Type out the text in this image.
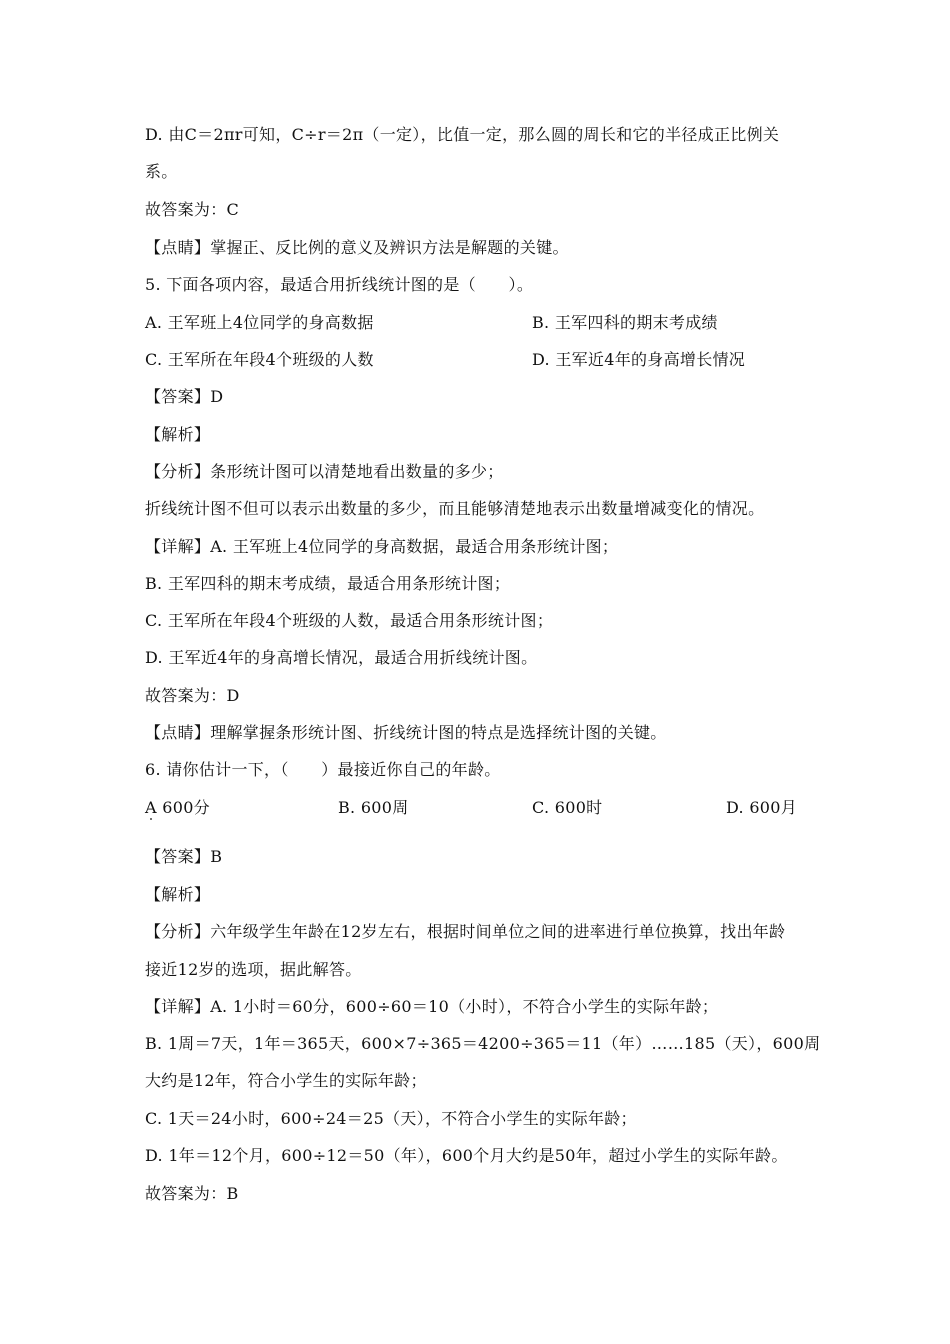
D. 由C＝2πr可知，C÷r＝2π（一定），比值一定，那么圆的周长和它的半径成正比例关
系。
故答案为：C
【点睛】掌握正、反比例的意义及辨识方法是解题的关键。
5. 下面各项内容，最适合用折线统计图的是（　　）。
A. 王军班上4位同学的身高数据	B. 王军四科的期末考成绩
C. 王军所在年段4个班级的人数	D. 王军近4年的身高增长情况
【答案】D
【解析】
【分析】条形统计图可以清楚地看出数量的多少；
折线统计图不但可以表示出数量的多少，而且能够清楚地表示出数量增减变化的情况。
【详解】A. 王军班上4位同学的身高数据，最适合用条形统计图；
B. 王军四科的期末考成绩，最适合用条形统计图；
C. 王军所在年段4个班级的人数，最适合用条形统计图；
D. 王军近4年的身高增长情况，最适合用折线统计图。
故答案为：D
【点睛】理解掌握条形统计图、折线统计图的特点是选择统计图的关键。
6. 请你估计一下，（　　）最接近你自己的年龄。
A 600分	B. 600周	C. 600时	D. 600月
【答案】B
【解析】
【分析】六年级学生年龄在12岁左右，根据时间单位之间的进率进行单位换算，找出年龄
接近12岁的选项，据此解答。
【详解】A. 1小时＝60分，600÷60＝10（小时），不符合小学生的实际年龄；
B. 1周＝7天，1年＝365天，600×7÷365＝4200÷365＝11（年）……185（天），600周
大约是12年，符合小学生的实际年龄；
C. 1天＝24小时，600÷24＝25（天），不符合小学生的实际年龄；
D. 1年＝12个月，600÷12＝50（年），600个月大约是50年，超过小学生的实际年龄。
故答案为：B
